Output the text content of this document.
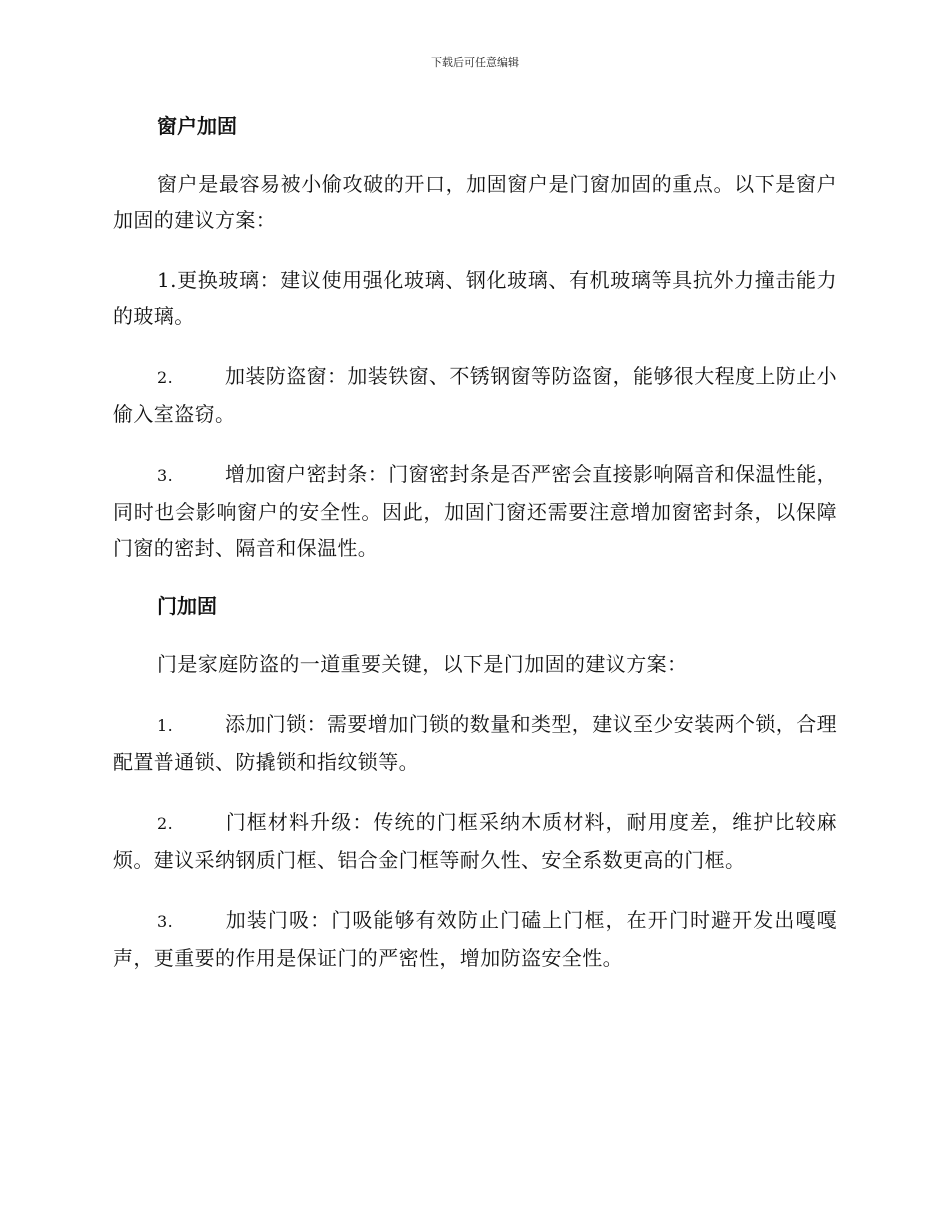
下载后可任意编辑
窗户加固

窗户是最容易被小偷攻破的开口，加固窗户是门窗加固的重点。以下是窗户加固的建议方案：

1.更换玻璃：建议使用强化玻璃、钢化玻璃、有机玻璃等具抗外力撞击能力的玻璃。

2.	加装防盗窗：加装铁窗、不锈钢窗等防盗窗，能够很大程度上防止小偷入室盗窃。

3.	增加窗户密封条：门窗密封条是否严密会直接影响隔音和保温性能，同时也会影响窗户的安全性。因此，加固门窗还需要注意增加窗密封条，以保障门窗的密封、隔音和保温性。

门加固

门是家庭防盗的一道重要关键，以下是门加固的建议方案：

1.	添加门锁：需要增加门锁的数量和类型，建议至少安装两个锁，合理配置普通锁、防撬锁和指纹锁等。

2.	门框材料升级：传统的门框采纳木质材料，耐用度差，维护比较麻烦。建议采纳钢质门框、铝合金门框等耐久性、安全系数更高的门框。

3.	加装门吸：门吸能够有效防止门磕上门框，在开门时避开发出嘎嘎声，更重要的作用是保证门的严密性，增加防盗安全性。
